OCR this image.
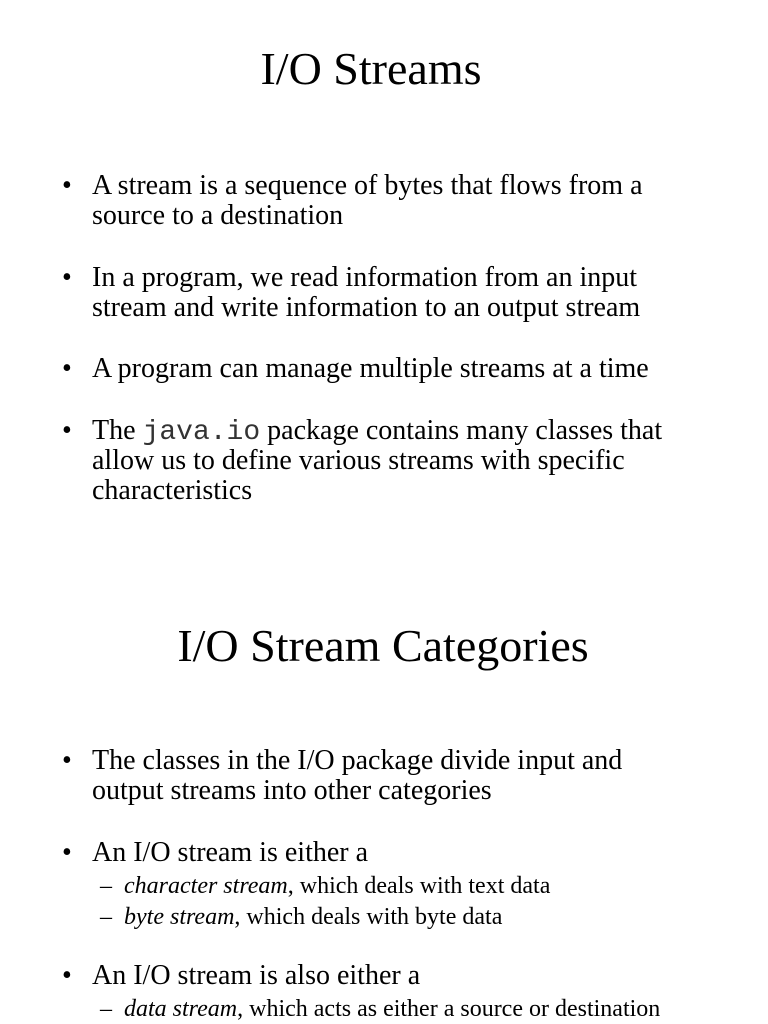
I/O Streams
• A stream is a sequence of bytes that flows from a
source to a destination
• In a program, we read information from an input
stream and write information to an output stream
• A program can manage multiple streams at a time
• The java.io package contains many classes that
allow us to define various streams with specific
characteristics
I/O Stream Categories
• The classes in the I/O package divide input and
output streams into other categories
• An I/O stream is either a
– character stream, which deals with text data
– byte stream, which deals with byte data
• An I/O stream is also either a
– data stream, which acts as either a source or destination
